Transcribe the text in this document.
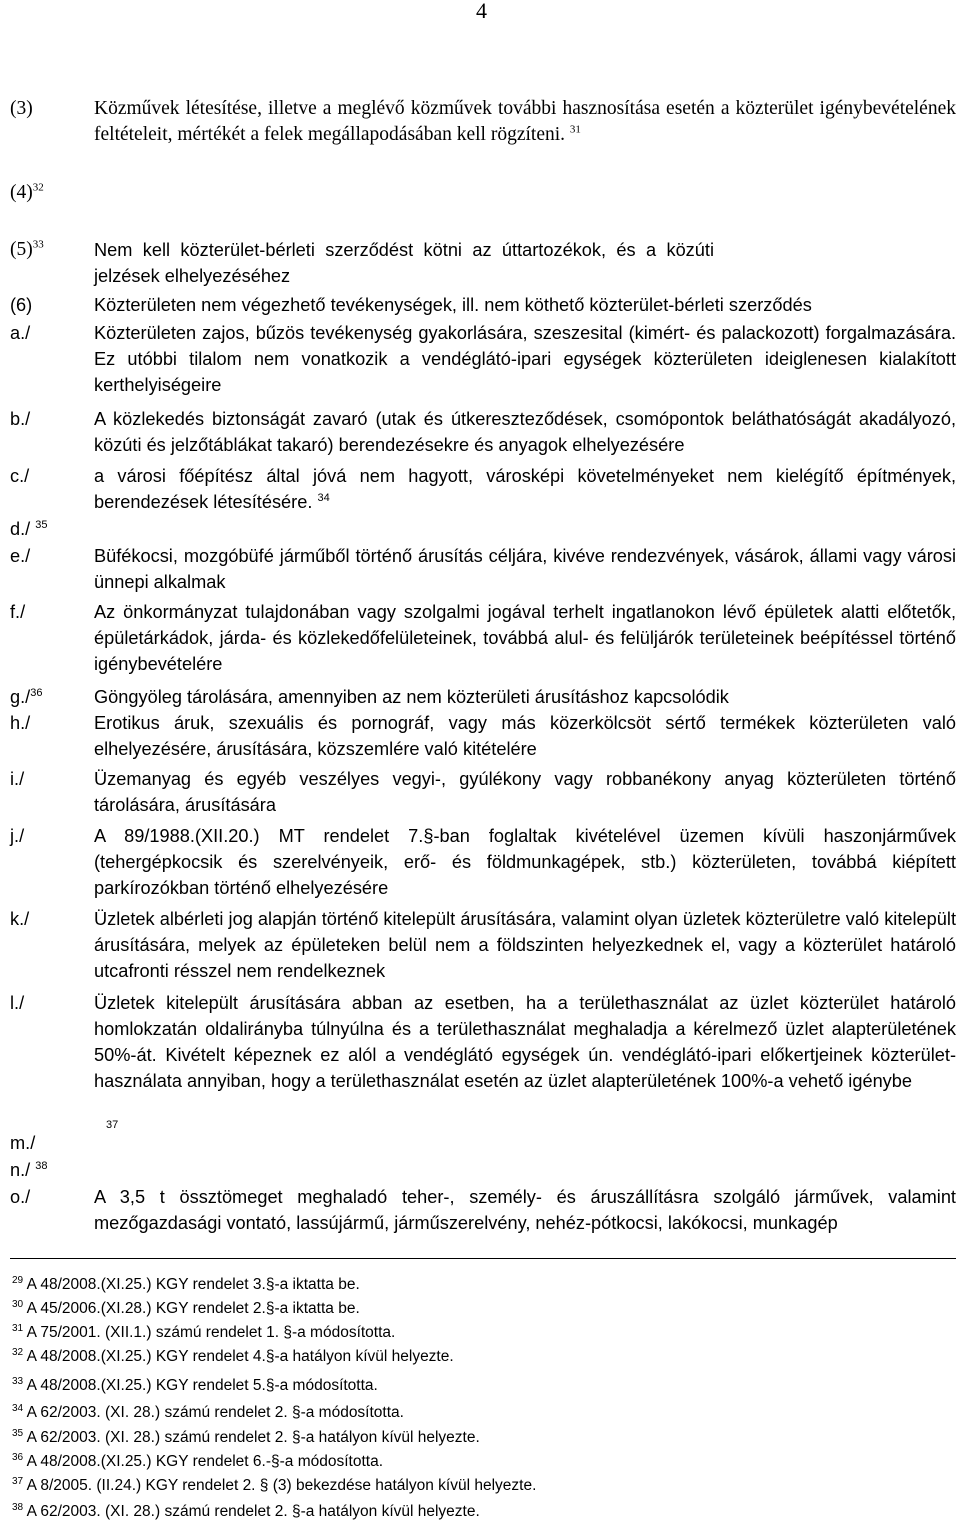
4
(3)	Közművek létesítése, illetve a meglévő közművek további hasznosítása esetén a közterület igénybevételének feltételeit, mértékét a felek megállapodásában kell rögzíteni. $^{31}$
$(4)^{32}$
$(5)^{33}$	Nem kell közterület-bérleti szerződést kötni az úttartozékok, és a közúti jelzések elhelyezéséhez
(6)	Közterületen nem végezhető tevékenységek, ill. nem köthető közterület-bérleti szerződés
a./	Közterületen zajos, bűzös tevékenység gyakorlására, szeszesital (kimért- és palackozott) forgalmazására. Ez utóbbi tilalom nem vonatkozik a vendéglátó-ipari egységek közterületen ideiglenesen kialakított kerthelyiségeire
b./	A közlekedés biztonságát zavaró (utak és útkereszteződések, csomópontok beláthatóságát akadályozó, közúti és jelzőtáblákat takaró) berendezésekre és anyagok elhelyezésére
c./	a városi főépítész által jóvá nem hagyott, városképi követelményeket nem kielégítő építmények, berendezések létesítésére. $^{34}$
d./ $^{35}$
e./	Büfékocsi, mozgóbüfé járműből történő árusítás céljára, kivéve rendezvények, vásárok, állami vagy városi ünnepi alkalmak
f./	Az önkormányzat tulajdonában vagy szolgalmi jogával terhelt ingatlanokon lévő épületek alatti előtetők, épületárkádok, járda- és közlekedőfelületeinek, továbbá alul- és felüljárók területeinek beépítéssel történő igénybevételére
g./$^{36}$	Göngyöleg tárolására, amennyiben az nem közterületi árusításhoz kapcsolódik
h./	Erotikus áruk, szexuális és pornográf, vagy más közerkölcsöt sértő termékek közterületen való elhelyezésére, árusítására, közszemlére való kitételére
i./	Üzemanyag és egyéb veszélyes vegyi-, gyúlékony vagy robbanékony anyag közterületen történő tárolására, árusítására
j./	A 89/1988.(XII.20.) MT rendelet 7.§-ban foglaltak kivételével üzemen kívüli haszonjárművek (tehergépkocsik és szerelvényeik, erő- és földmunkagépek, stb.) közterületen, továbbá kiépített parkírozókban történő elhelyezésére
k./	Üzletek albérleti jog alapján történő kitelepült árusítására, valamint olyan üzletek közterületre való kitelepült árusítására, melyek az épületeken belül nem a földszinten helyezkednek el, vagy a közterület határoló utcafronti résszel nem rendelkeznek
l./	Üzletek kitelepült árusítására abban az esetben, ha a területhasználat az üzlet közterület határoló homlokzatán oldalirányba túlnyúlna és a területhasználat meghaladja a kérelmező üzlet alapterületének 50%-át. Kivételt képeznek ez alól a vendéglátó egységek ún. vendéglátó-ipari előkertjeinek közterület-használata annyiban, hogy a területhasználat esetén az üzlet alapterületének 100%-a vehető igénybe
m./
$^{37}$
n./ $^{38}$
o./	A 3,5 t össztömeget meghaladó teher-, személy- és áruszállításra szolgáló járművek, valamint mezőgazdasági vontató, lassújármű, járműszerelvény, nehéz-pótkocsi, lakókocsi, munkagép
$^{29}$ A 48/2008.(XI.25.) KGY rendelet 3.§-a iktatta be.
$^{30}$ A 45/2006.(XI.28.) KGY rendelet 2.§-a iktatta be.
$^{31}$ A 75/2001. (XII.1.) számú rendelet 1. §-a módosította.
$^{32}$ A 48/2008.(XI.25.) KGY rendelet 4.§-a hatályon kívül helyezte.
$^{33}$ A 48/2008.(XI.25.) KGY rendelet 5.§-a módosította.
$^{34}$ A 62/2003. (XI. 28.) számú rendelet 2. §-a módosította.
$^{35}$ A 62/2003. (XI. 28.) számú rendelet 2. §-a hatályon kívül helyezte.
$^{36}$ A 48/2008.(XI.25.) KGY rendelet 6.-§-a módosította.
$^{37}$ A 8/2005. (II.24.) KGY rendelet 2. § (3) bekezdése hatályon kívül helyezte.
$^{38}$ A 62/2003. (XI. 28.) számú rendelet 2. §-a hatályon kívül helyezte.
